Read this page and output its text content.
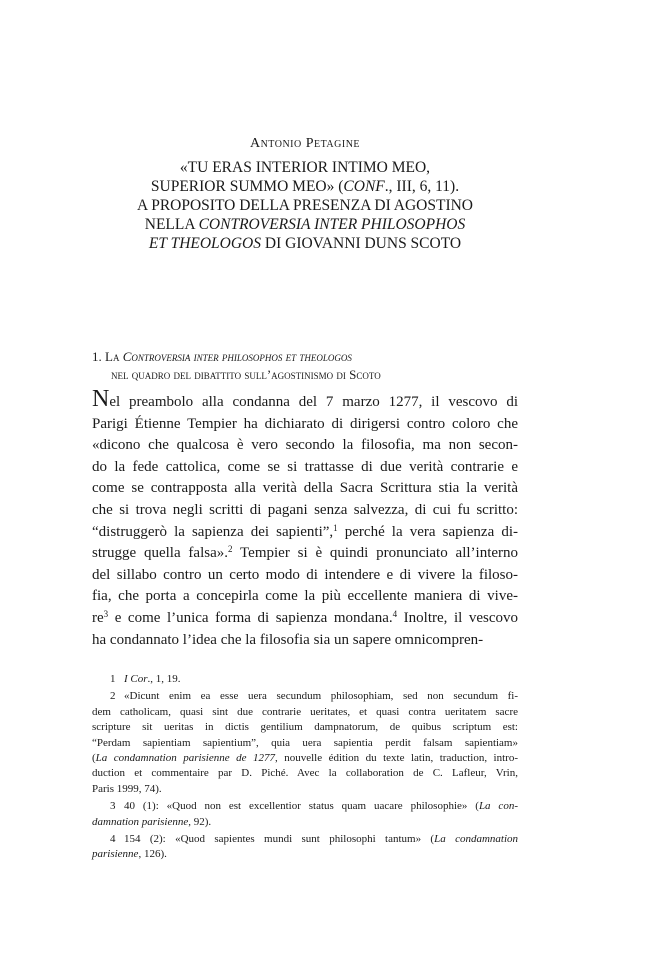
Antonio Petagine
«TU ERAS INTERIOR INTIMO MEO,
SUPERIOR SUMMO MEO» (CONF., III, 6, 11).
A PROPOSITO DELLA PRESENZA DI AGOSTINO
NELLA CONTROVERSIA INTER PHILOSOPHOS
ET THEOLOGOS DI GIOVANNI DUNS SCOTO
1. La Controversia inter philosophos et theologos
nel quadro del dibattito sull’agostinismo di Scoto
Nel preambolo alla condanna del 7 marzo 1277, il vescovo di
Parigi Étienne Tempier ha dichiarato di dirigersi contro coloro che
«dicono che qualcosa è vero secondo la filosofia, ma non secon-
do la fede cattolica, come se si trattasse di due verità contrarie e
come se contrapposta alla verità della Sacra Scrittura stia la verità
che si trova negli scritti di pagani senza salvezza, di cui fu scritto:
“distruggerò la sapienza dei sapienti”,$^1$ perché la vera sapienza di-
strugge quella falsa».$^2$ Tempier si è quindi pronunciato all’interno
del sillabo contro un certo modo di intendere e di vivere la filoso-
fia, che porta a concepirla come la più eccellente maniera di vive-
$re^3$ e come l’unica forma di sapienza mondana.$^4$ Inoltre, il vescovo
ha condannato l’idea che la filosofia sia un sapere omnicompren-
1 I Cor., 1, 19.
2 «Dicunt enim ea esse uera secundum philosophiam, sed non secundum fi-
dem catholicam, quasi sint due contrarie ueritates, et quasi contra ueritatem sacre
scripture sit ueritas in dictis gentilium dampnatorum, de quibus scriptum est:
“Perdam sapientiam sapientium”, quia uera sapientia perdit falsam sapientiam»
(La condamnation parisienne de 1277, nouvelle édition du texte latin, traduction, intro-
duction et commentaire par D. Piché. Avec la collaboration de C. Lafleur, Vrin,
Paris 1999, 74).
3 40 (1): «Quod non est excellentior status quam uacare philosophie» (La con-
damnation parisienne, 92).
4 154 (2): «Quod sapientes mundi sunt philosophi tantum» (La condamnation
parisienne, 126).
